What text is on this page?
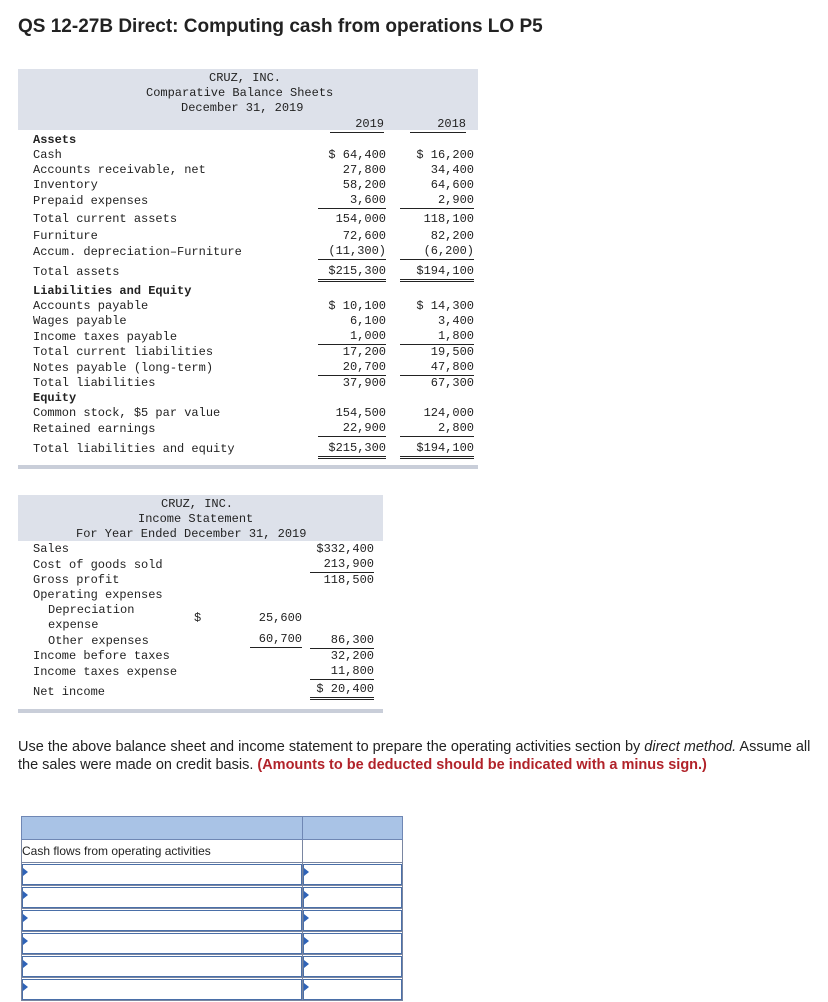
QS 12-27B Direct: Computing cash from operations LO P5
CRUZ, INC.
Comparative Balance Sheets
December 31, 2019
2019	2018
Assets
Cash	$ 64,400	$ 16,200
Accounts receivable, net	27,800	34,400
Inventory	58,200	64,600
Prepaid expenses	3,600	2,900
Total current assets	154,000	118,100
Furniture	72,600	82,200
Accum. depreciation–Furniture	(11,300)	(6,200)
Total assets	$215,300	$194,100
Liabilities and Equity
Accounts payable	$ 10,100	$ 14,300
Wages payable	6,100	3,400
Income taxes payable	1,000	1,800
Total current liabilities	17,200	19,500
Notes payable (long-term)	20,700	47,800
Total liabilities	37,900	67,300
Equity
Common stock, $5 par value	154,500	124,000
Retained earnings	22,900	2,800
Total liabilities and equity	$215,300	$194,100
CRUZ, INC.
Income Statement
For Year Ended December 31, 2019
Sales	$332,400
Cost of goods sold	213,900
Gross profit	118,500
Operating expenses
Depreciation
expense	$	25,600
Other expenses	60,700	86,300
Income before taxes	32,200
Income taxes expense	11,800
Net income	$ 20,400
Use the above balance sheet and income statement to prepare the operating activities section by direct method. Assume all the sales were made on credit basis. (Amounts to be deducted should be indicated with a minus sign.)

Cash flows from operating activities	
